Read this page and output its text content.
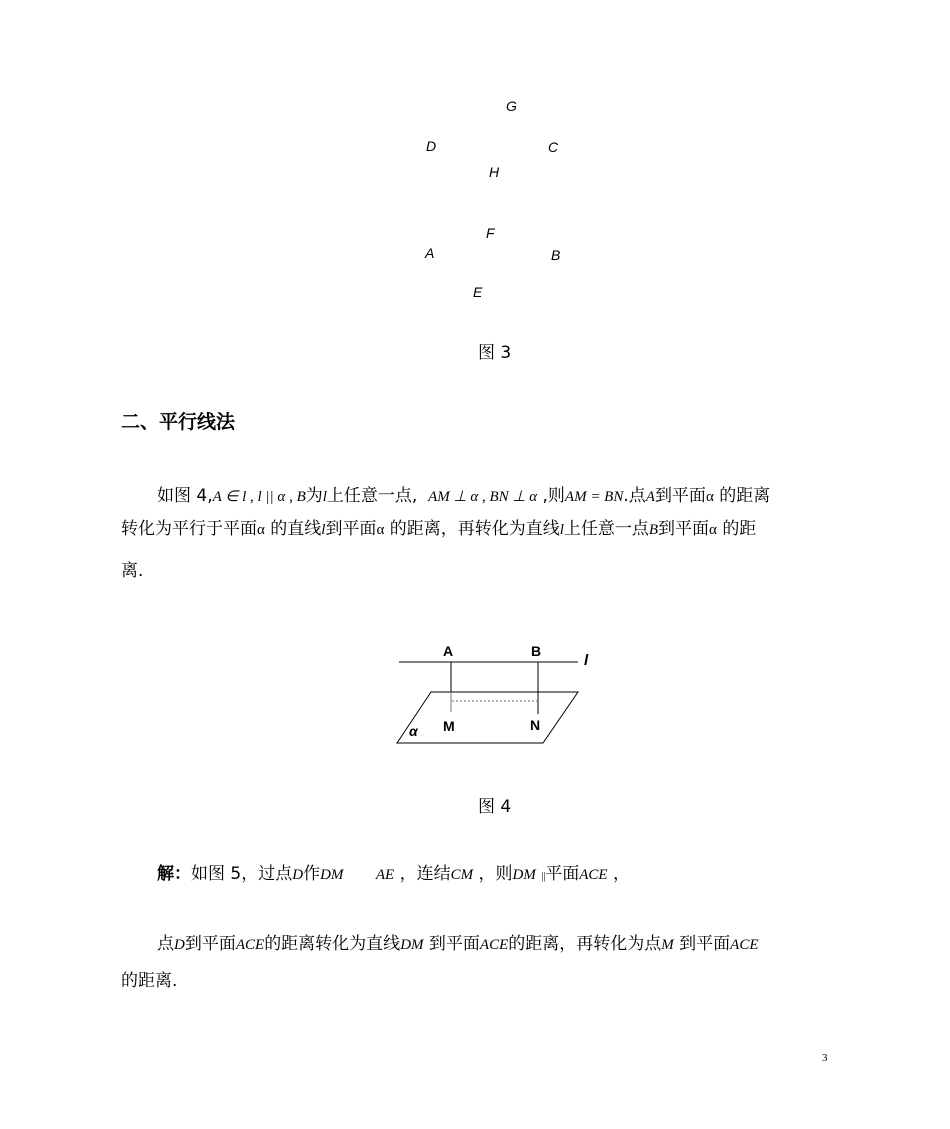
G
D	C
H
F
A	B
E
图 3
二、平行线法
如图 4,A ∈ l , l || α , B为l上任意一点, AM ⊥ α , BN ⊥ α ,则AM = BN.点A到平面α 的距离
转化为平行于平面α 的直线l到平面α 的距离，再转化为直线l上任意一点B到平面α 的距
离.
A	B
l
M	N
α
图 4
解：如图 5，过点D作DM AE ，连结CM ，则DM ||平面ACE ，
点D到平面ACE的距离转化为直线DM 到平面ACE的距离，再转化为点M 到平面ACE
的距离.
3
